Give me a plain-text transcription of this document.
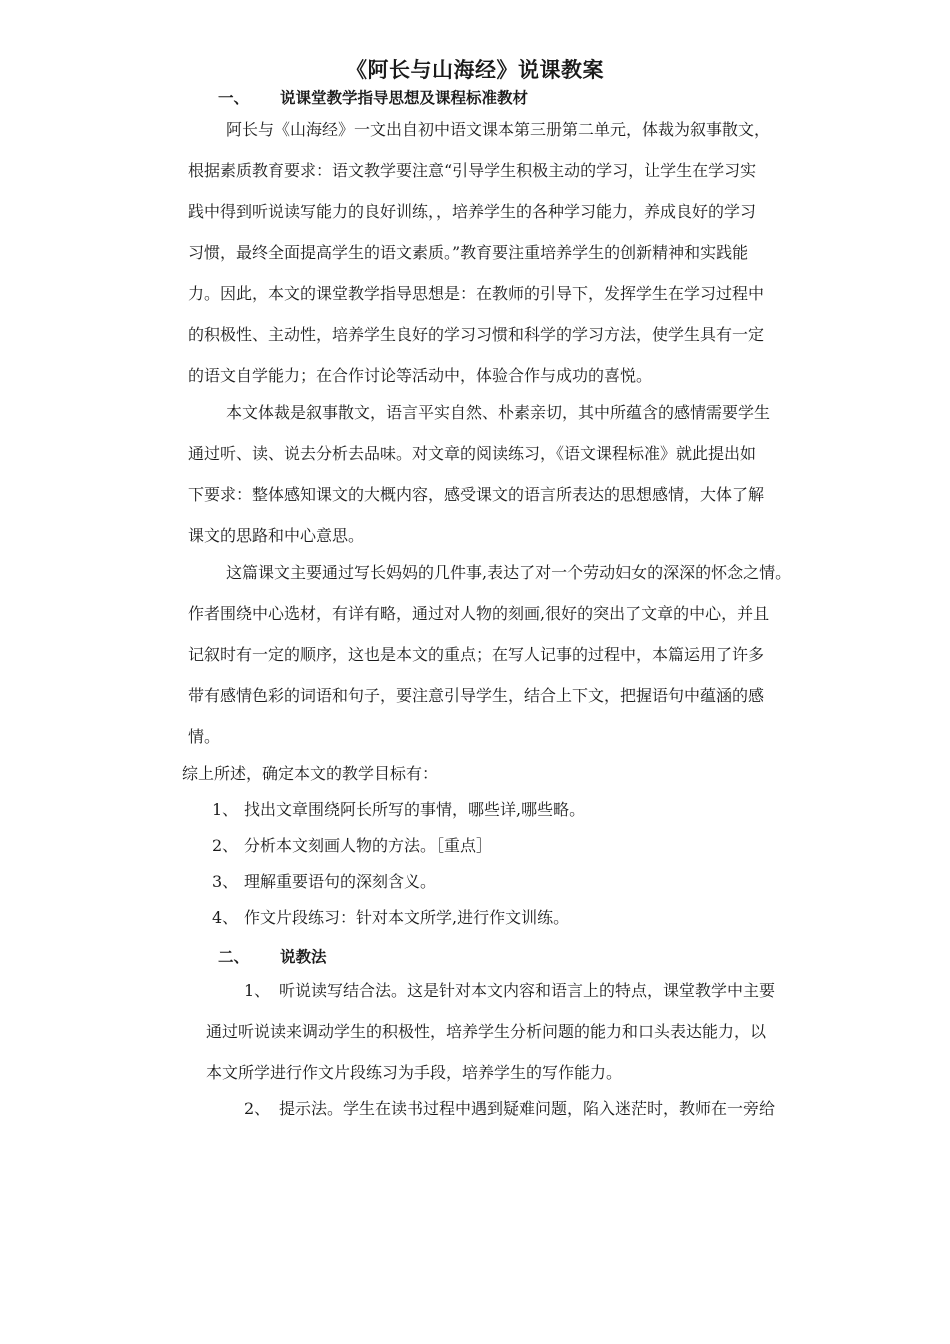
《阿长与山海经》说课教案
一、 说课堂教学指导思想及课程标准教材
阿长与《山海经》一文出自初中语文课本第三册第二单元，体裁为叙事散文，
根据素质教育要求：语文教学要注意“引导学生积极主动的学习，让学生在学习实
践中得到听说读写能力的良好训练，，培养学生的各种学习能力，养成良好的学习
习惯，最终全面提高学生的语文素质。”教育要注重培养学生的创新精神和实践能
力。因此，本文的课堂教学指导思想是：在教师的引导下，发挥学生在学习过程中
的积极性、主动性，培养学生良好的学习习惯和科学的学习方法，使学生具有一定
的语文自学能力；在合作讨论等活动中，体验合作与成功的喜悦。
本文体裁是叙事散文，语言平实自然、朴素亲切，其中所蕴含的感情需要学生
通过听、读、说去分析去品味。对文章的阅读练习，《语文课程标准》就此提出如
下要求：整体感知课文的大概内容，感受课文的语言所表达的思想感情，大体了解
课文的思路和中心意思。
这篇课文主要通过写长妈妈的几件事,表达了对一个劳动妇女的深深的怀念之情。
作者围绕中心选材，有详有略，通过对人物的刻画,很好的突出了文章的中心，并且
记叙时有一定的顺序，这也是本文的重点；在写人记事的过程中，本篇运用了许多
带有感情色彩的词语和句子，要注意引导学生，结合上下文，把握语句中蕴涵的感
情。
综上所述，确定本文的教学目标有：
1、 找出文章围绕阿长所写的事情，哪些详,哪些略。
2、 分析本文刻画人物的方法。［重点］
3、 理解重要语句的深刻含义。
4、 作文片段练习：针对本文所学,进行作文训练。
二、 说教法
1、 听说读写结合法。这是针对本文内容和语言上的特点，课堂教学中主要
通过听说读来调动学生的积极性，培养学生分析问题的能力和口头表达能力，以
本文所学进行作文片段练习为手段，培养学生的写作能力。
2、 提示法。学生在读书过程中遇到疑难问题，陷入迷茫时，教师在一旁给
